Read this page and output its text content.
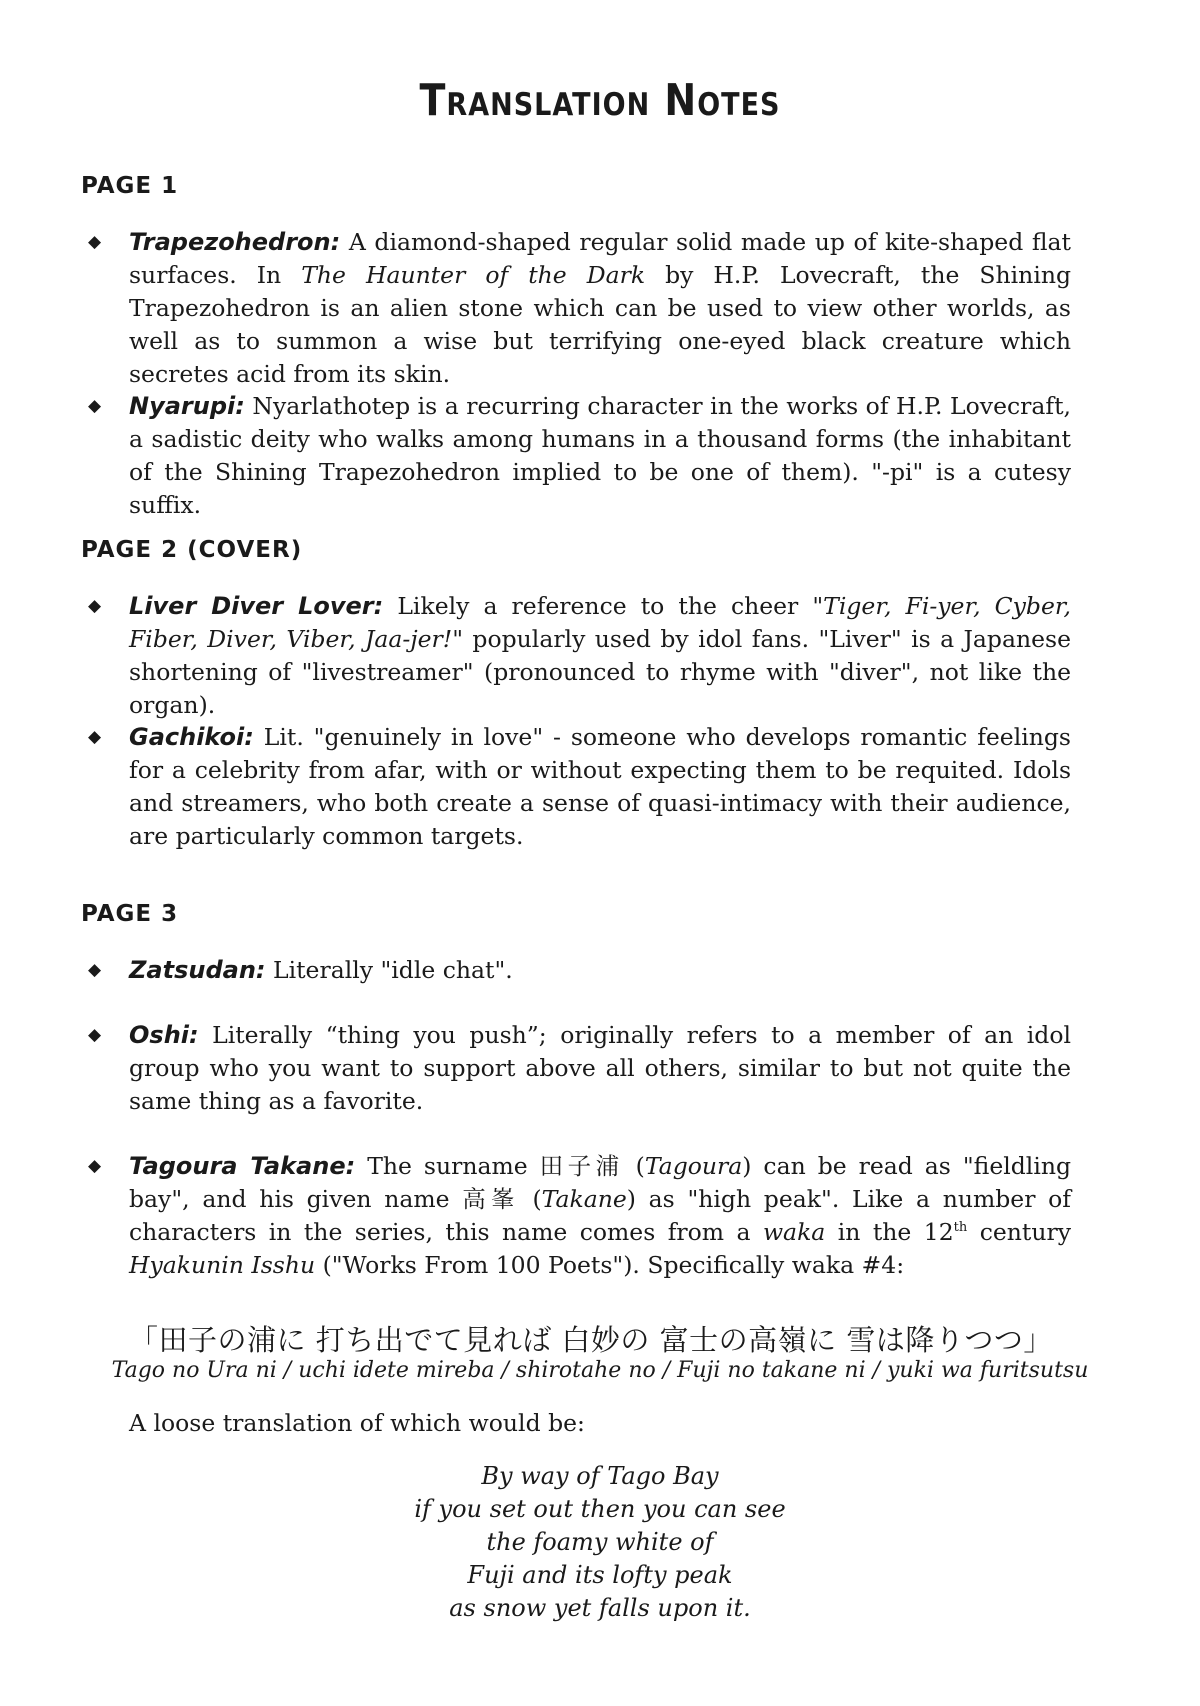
Translation Notes
PAGE 1
◆ Trapezohedron: A diamond-shaped regular solid made up of kite-shaped flat surfaces. In The Haunter of the Dark by H.P. Lovecraft, the Shining Trapezohedron is an alien stone which can be used to view other worlds, as well as to summon a wise but terrifying one-eyed black creature which secretes acid from its skin.
◆ Nyarupi: Nyarlathotep is a recurring character in the works of H.P. Lovecraft, a sadistic deity who walks among humans in a thousand forms (the inhabitant of the Shining Trapezohedron implied to be one of them). "-pi" is a cutesy suffix.
PAGE 2 (COVER)
◆ Liver Diver Lover: Likely a reference to the cheer "Tiger, Fi-yer, Cyber, Fiber, Diver, Viber, Jaa-jer!" popularly used by idol fans. "Liver" is a Japanese shortening of "livestreamer" (pronounced to rhyme with "diver", not like the organ).
◆ Gachikoi: Lit. "genuinely in love" - someone who develops romantic feelings for a celebrity from afar, with or without expecting them to be requited. Idols and streamers, who both create a sense of quasi-intimacy with their audience, are particularly common targets.
PAGE 3
◆ Zatsudan: Literally "idle chat".
◆ Oshi: Literally “thing you push”; originally refers to a member of an idol group who you want to support above all others, similar to but not quite the same thing as a favorite.
◆ Tagoura Takane: The surname 田子浦 (Tagoura) can be read as "fieldling bay", and his given name 高峯 (Takane) as "high peak". Like a number of characters in the series, this name comes from a waka in the 12th century Hyakunin Isshu ("Works From 100 Poets"). Specifically waka #4:
「田子の浦に 打ち出でて見れば 白妙の 富士の高嶺に 雪は降りつつ」
Tago no Ura ni / uchi idete mireba / shirotahe no / Fuji no takane ni / yuki wa furitsutsu
A loose translation of which would be:
By way of Tago Bay
if you set out then you can see
the foamy white of
Fuji and its lofty peak
as snow yet falls upon it.
